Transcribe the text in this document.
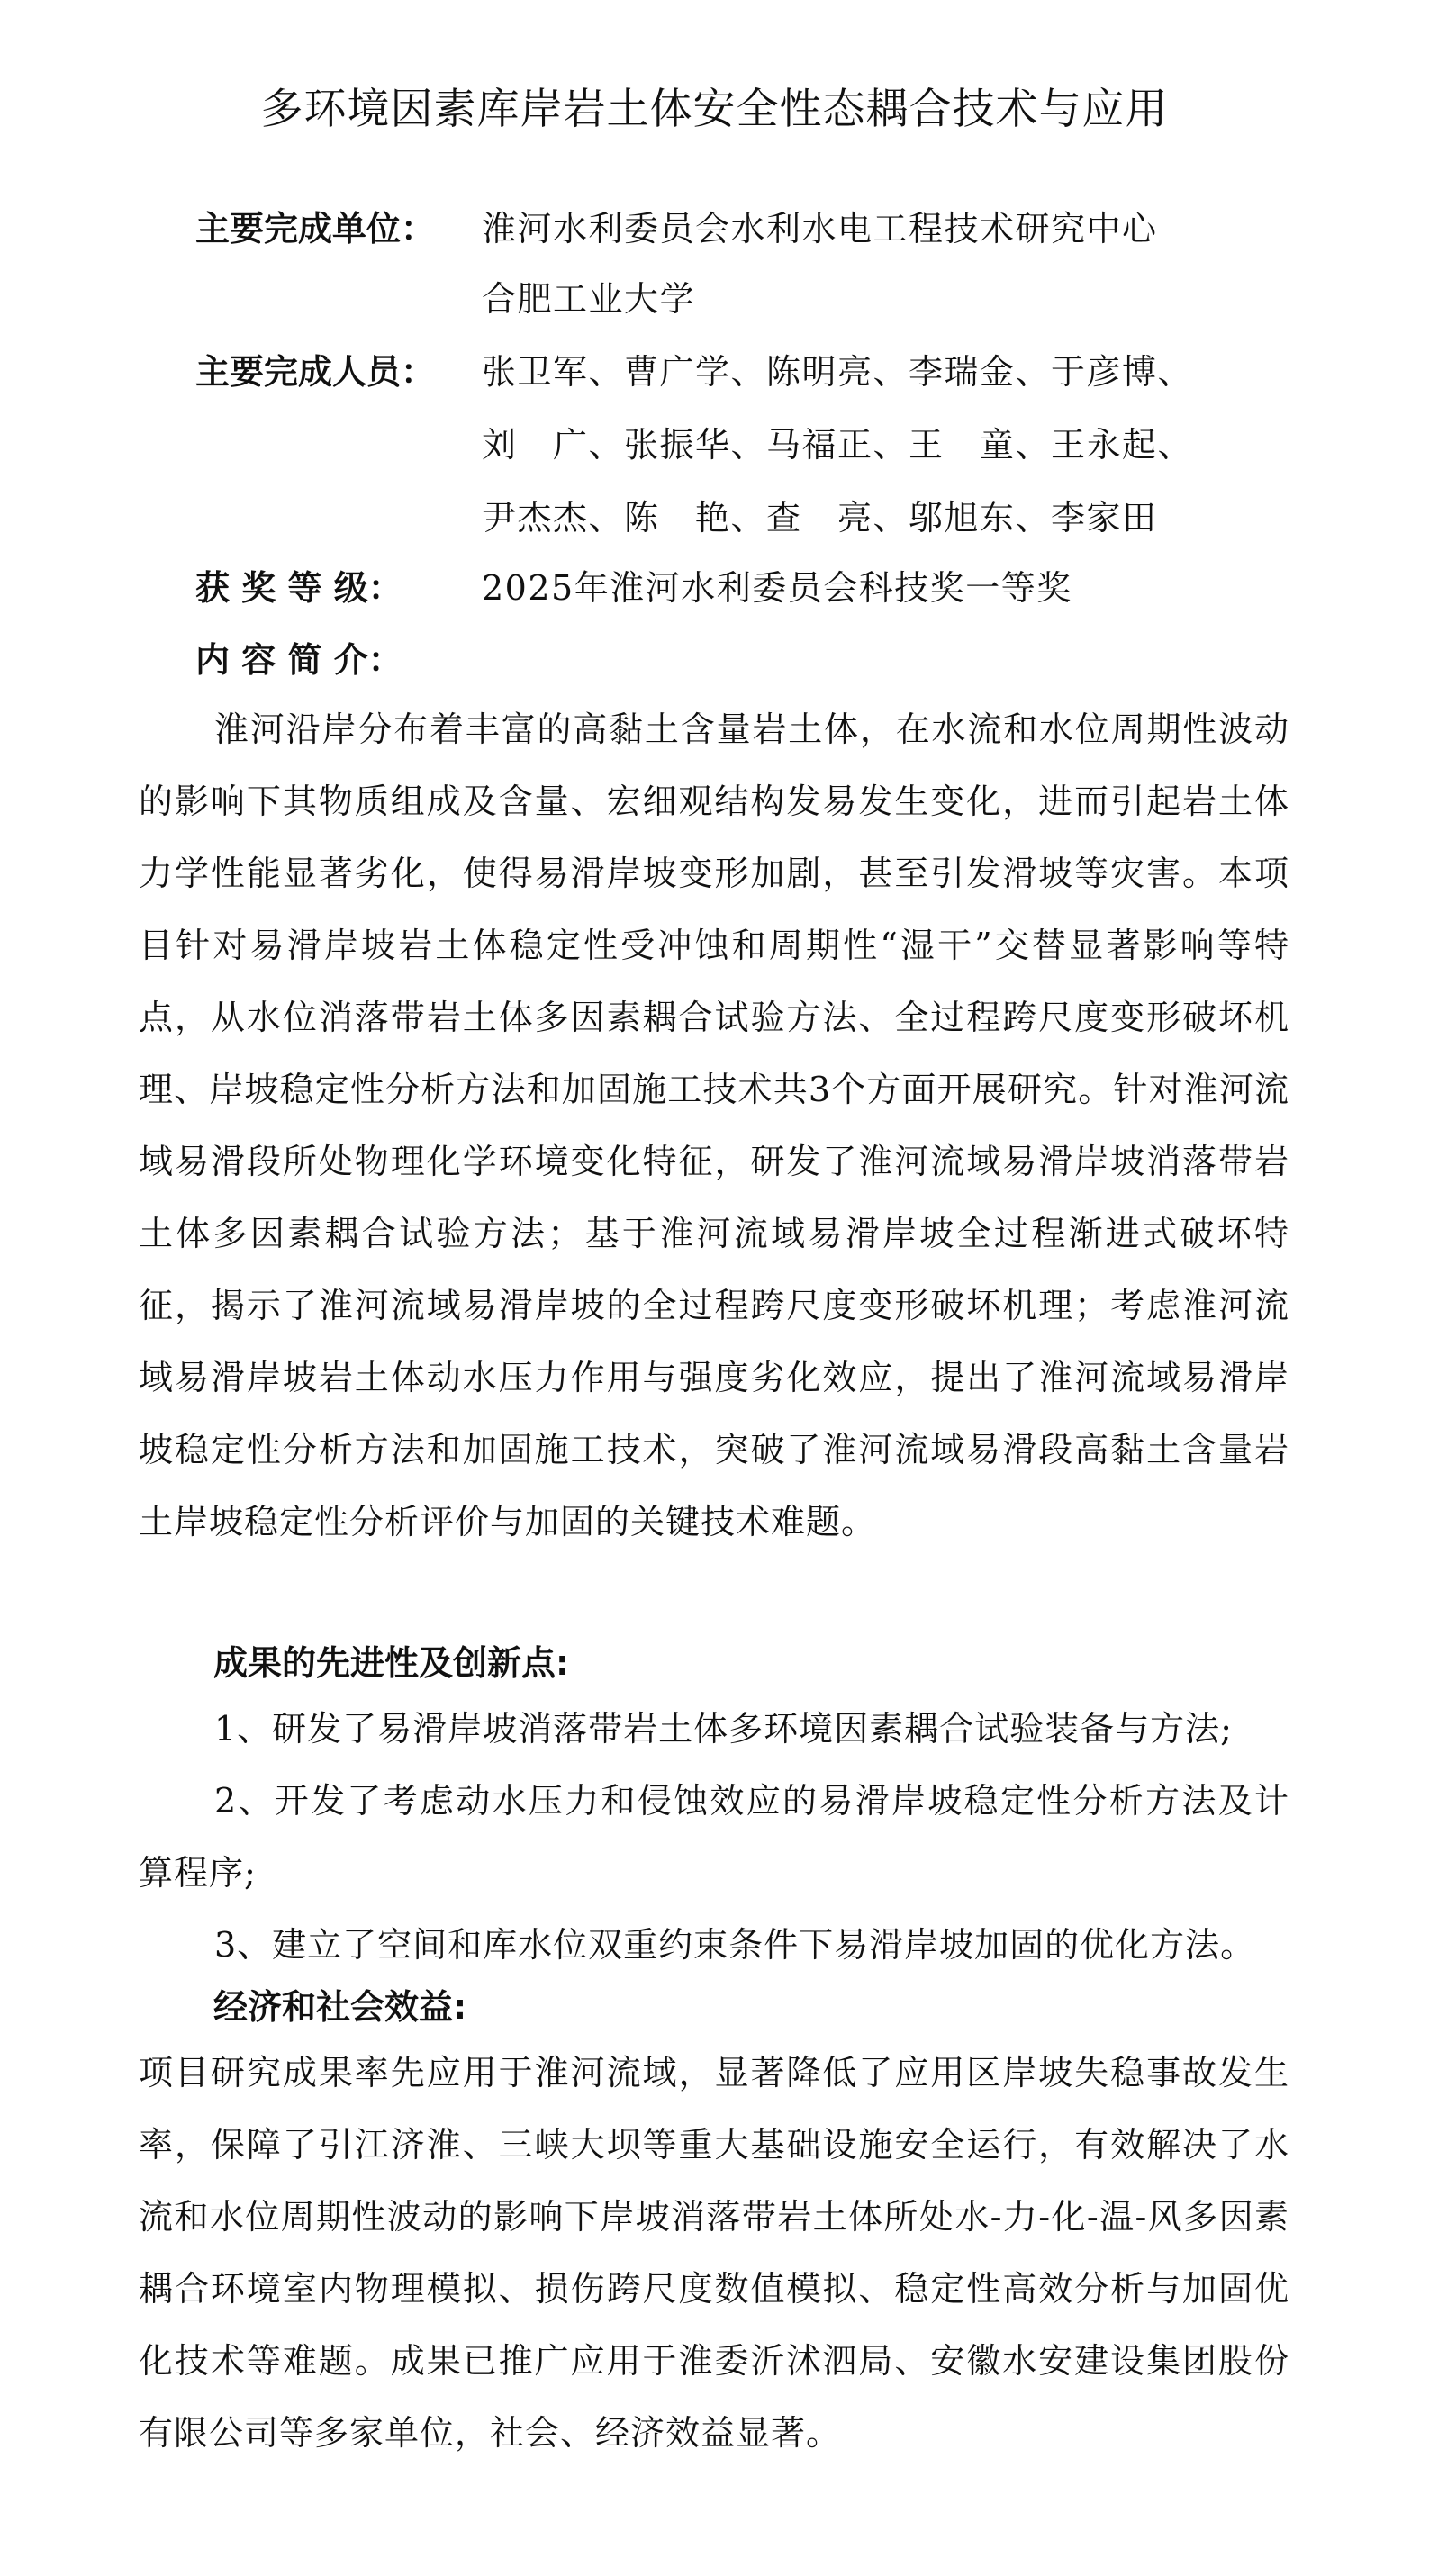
多环境因素库岸岩土体安全性态耦合技术与应用
主要完成单位： 淮河水利委员会水利水电工程技术研究中心
合肥工业大学
主要完成人员： 张卫军、曹广学、陈明亮、李瑞金、于彦博、
刘　广、张振华、马福正、王　童、王永起、
尹杰杰、陈　艳、查　亮、邬旭东、李家田
获 奖 等 级： 2025年淮河水利委员会科技奖一等奖
内 容 简 介：

淮河沿岸分布着丰富的高黏土含量岩土体，在水流和水位周期性波动的影响下其物质组成及含量、宏细观结构发易发生变化，进而引起岩土体力学性能显著劣化，使得易滑岸坡变形加剧，甚至引发滑坡等灾害。本项目针对易滑岸坡岩土体稳定性受冲蚀和周期性“湿干”交替显著影响等特点，从水位消落带岩土体多因素耦合试验方法、全过程跨尺度变形破坏机理、岸坡稳定性分析方法和加固施工技术共3个方面开展研究。针对淮河流域易滑段所处物理化学环境变化特征，研发了淮河流域易滑岸坡消落带岩土体多因素耦合试验方法；基于淮河流域易滑岸坡全过程渐进式破坏特征，揭示了淮河流域易滑岸坡的全过程跨尺度变形破坏机理；考虑淮河流域易滑岸坡岩土体动水压力作用与强度劣化效应，提出了淮河流域易滑岸坡稳定性分析方法和加固施工技术，突破了淮河流域易滑段高黏土含量岩土岸坡稳定性分析评价与加固的关键技术难题。

成果的先进性及创新点:

1、研发了易滑岸坡消落带岩土体多环境因素耦合试验装备与方法;

2、开发了考虑动水压力和侵蚀效应的易滑岸坡稳定性分析方法及计算程序;

3、建立了空间和库水位双重约束条件下易滑岸坡加固的优化方法。

经济和社会效益:

项目研究成果率先应用于淮河流域，显著降低了应用区岸坡失稳事故发生率，保障了引江济淮、三峡大坝等重大基础设施安全运行，有效解决了水流和水位周期性波动的影响下岸坡消落带岩土体所处水-力-化-温-风多因素耦合环境室内物理模拟、损伤跨尺度数值模拟、稳定性高效分析与加固优化技术等难题。成果已推广应用于淮委沂沭泗局、安徽水安建设集团股份有限公司等多家单位，社会、经济效益显著。
